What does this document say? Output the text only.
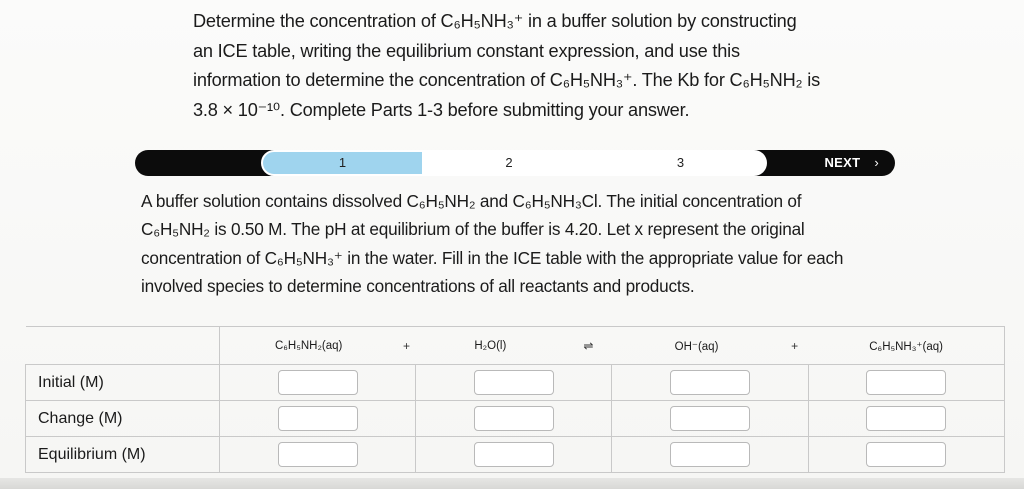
Determine the concentration of C₆H₅NH₃⁺ in a buffer solution by constructing

an ICE table, writing the equilibrium constant expression, and use this

information to determine the concentration of C₆H₅NH₃⁺. The Kb for C₆H₅NH₂ is

3.8 × 10⁻¹⁰. Complete Parts 1-3 before submitting your answer.

1	2	3	NEXT ›

A buffer solution contains dissolved C₆H₅NH₂ and C₆H₅NH₃Cl. The initial concentration of

C₆H₅NH₂ is 0.50 M. The pH at equilibrium of the buffer is 4.20. Let x represent the original

concentration of C₆H₅NH₃⁺ in the water. Fill in the ICE table with the appropriate value for each

involved species to determine concentrations of all reactants and products.

	C₆H₅NH₂(aq)	+	H₂O(l)	⇌	OH⁻(aq)	+	C₆H₅NH₃⁺(aq)
Initial (M)							
Change (M)							
Equilibrium (M)							
